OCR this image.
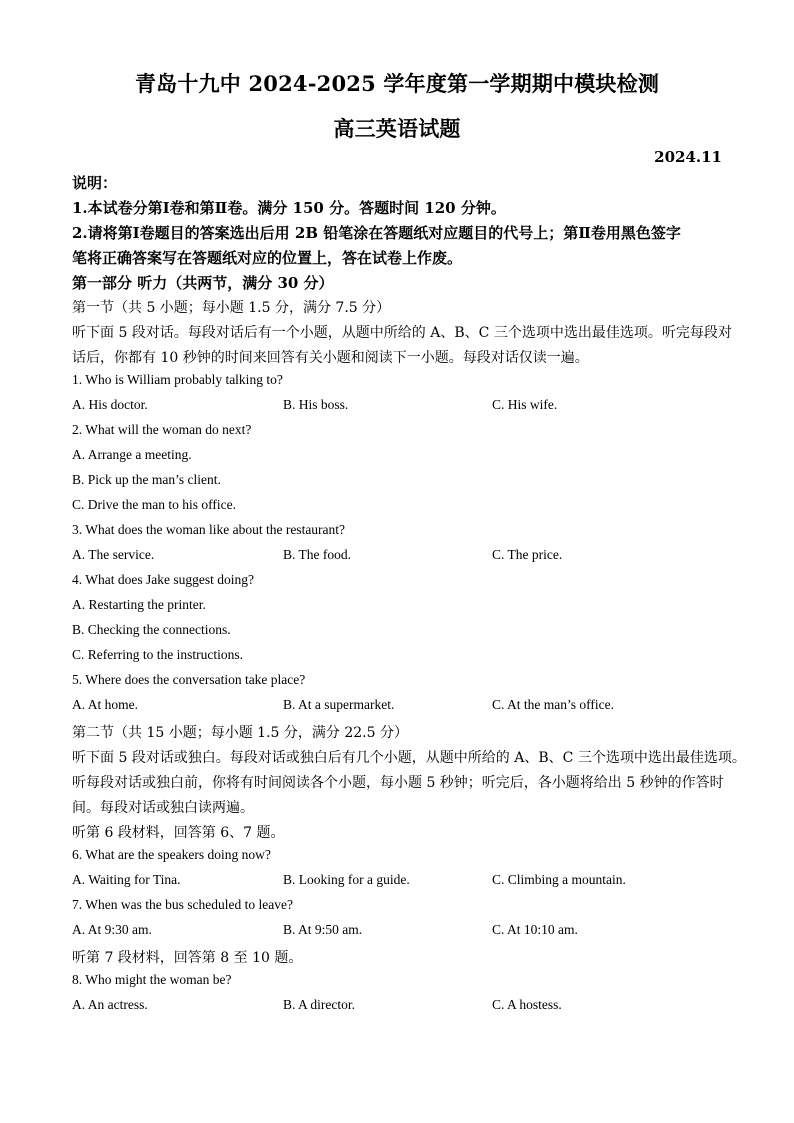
青岛十九中 2024-2025 学年度第一学期期中模块检测
高三英语试题
2024.11
说明：
1.本试卷分第Ⅰ卷和第Ⅱ卷。满分 150 分。答题时间 120 分钟。
2.请将第Ⅰ卷题目的答案选出后用 2B 铅笔涂在答题纸对应题目的代号上；第Ⅱ卷用黑色签字
笔将正确答案写在答题纸对应的位置上，答在试卷上作废。
第一部分 听力（共两节，满分 30 分）
第一节（共 5 小题；每小题 1.5 分，满分 7.5 分）
听下面 5 段对话。每段对话后有一个小题，从题中所给的 A、B、C 三个选项中选出最佳选项。听完每段对
话后，你都有 10 秒钟的时间来回答有关小题和阅读下一小题。每段对话仅读一遍。
1. Who is William probably talking to?
A. His doctor.	B. His boss.	C. His wife.
2. What will the woman do next?
A. Arrange a meeting.
B. Pick up the man’s client.
C. Drive the man to his office.
3. What does the woman like about the restaurant?
A. The service.	B. The food.	C. The price.
4. What does Jake suggest doing?
A. Restarting the printer.
B. Checking the connections.
C. Referring to the instructions.
5. Where does the conversation take place?
A. At home.	B. At a supermarket.	C. At the man’s office.
第二节（共 15 小题；每小题 1.5 分，满分 22.5 分）
听下面 5 段对话或独白。每段对话或独白后有几个小题，从题中所给的 A、B、C 三个选项中选出最佳选项。
听每段对话或独白前，你将有时间阅读各个小题，每小题 5 秒钟；听完后，各小题将给出 5 秒钟的作答时
间。每段对话或独白读两遍。
听第 6 段材料，回答第 6、7 题。
6. What are the speakers doing now?
A. Waiting for Tina.	B. Looking for a guide.	C. Climbing a mountain.
7. When was the bus scheduled to leave?
A. At 9:30 am.	B. At 9:50 am.	C. At 10:10 am.
听第 7 段材料，回答第 8 至 10 题。
8. Who might the woman be?
A. An actress.	B. A director.	C. A hostess.
